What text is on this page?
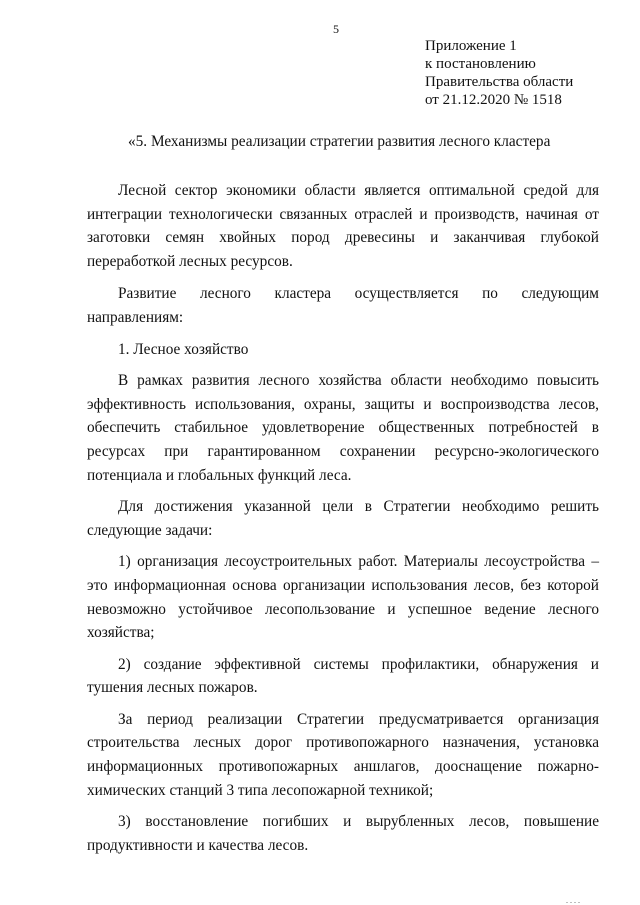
5
Приложение 1
к постановлению
Правительства области
от 21.12.2020 № 1518
«5. Механизмы реализации стратегии развития лесного кластера

Лесной сектор экономики области является оптимальной средой для интеграции технологически связанных отраслей и производств, начиная от заготовки семян хвойных пород древесины и заканчивая глубокой переработкой лесных ресурсов.

Развитие лесного кластера осуществляется по следующим направлениям:

1. Лесное хозяйство

В рамках развития лесного хозяйства области необходимо повысить эффективность использования, охраны, защиты и воспроизводства лесов, обеспечить стабильное удовлетворение общественных потребностей в ресурсах при гарантированном сохранении ресурсно-экологического потенциала и глобальных функций леса.

Для достижения указанной цели в Стратегии необходимо решить следующие задачи:

1) организация лесоустроительных работ. Материалы лесоустройства – это информационная основа организации использования лесов, без которой невозможно устойчивое лесопользование и успешное ведение лесного хозяйства;

2) создание эффективной системы профилактики, обнаружения и тушения лесных пожаров.

За период реализации Стратегии предусматривается организация строительства лесных дорог противопожарного назначения, установка информационных противопожарных аншлагов, дооснащение пожарно-химических станций 3 типа лесопожарной техникой;

3) восстановление погибших и вырубленных лесов, повышение продуктивности и качества лесов.

....
